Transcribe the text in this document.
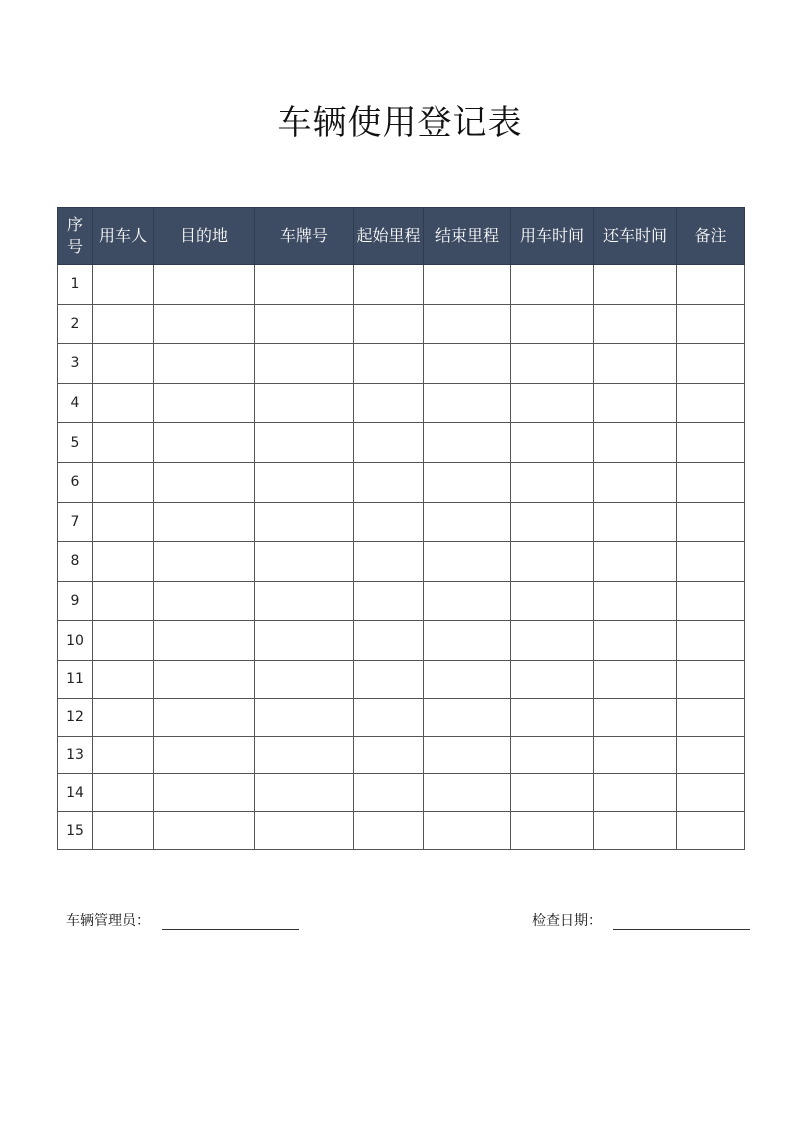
车辆使用登记表
序号	用车人	目的地	车牌号	起始里程	结束里程	用车时间	还车时间	备注
1								
2								
3								
4								
5								
6								
7								
8								
9								
10								
11								
12								
13								
14								
15								
车辆管理员：	检查日期：
